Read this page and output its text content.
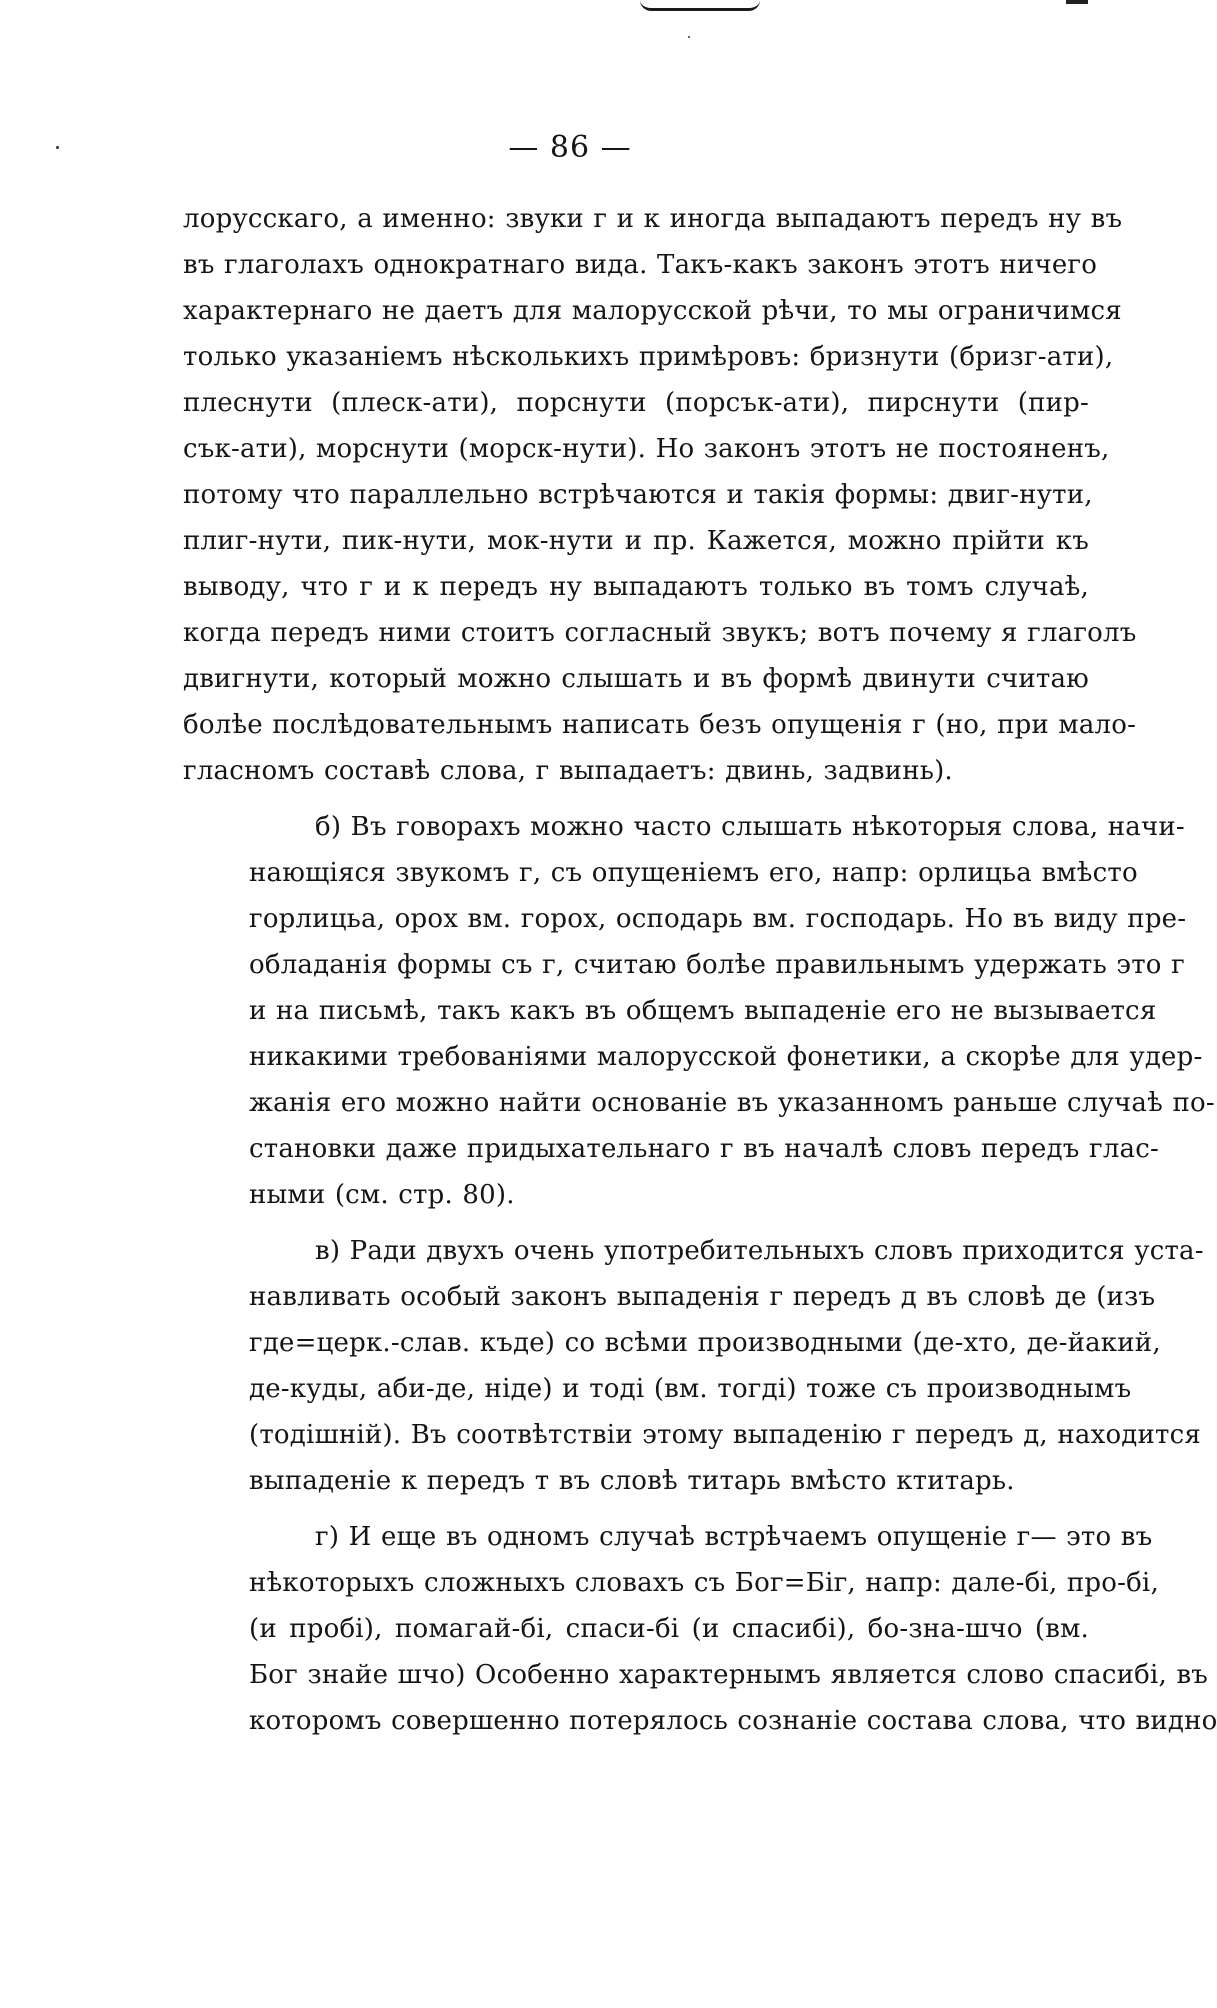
— 86 —
лорусскаго, а именно: звуки г и к иногда выпадаютъ передъ ну въ
въ глаголахъ однократнаго вида. Такъ-какъ законъ этотъ ничего
характернаго не даетъ для малорусской рѣчи, то мы ограничимся
только указаніемъ нѣсколькихъ примѣровъ: бризнути (бризг-ати),
плеснути (плеск-ати), порснути (порсък-ати), пирснути (пир-
сък-ати), морснути (морск-нути). Но законъ этотъ не постояненъ,
потому что параллельно встрѣчаются и такія формы: двиг-нути,
плиг-нути, пик-нути, мок-нути и пр. Кажется, можно прійти къ
выводу, что г и к передъ ну выпадаютъ только въ томъ случаѣ,
когда передъ ними стоитъ согласный звукъ; вотъ почему я глаголъ
двигнути, который можно слышать и въ формѣ двинути считаю
болѣе послѣдовательнымъ написать безъ опущенія г (но, при мало-
гласномъ составѣ слова, г выпадаетъ: двинь, задвинь).
б) Въ говорахъ можно часто слышать нѣкоторыя слова, начи-
нающіяся звукомъ г, съ опущеніемъ его, напр: орлицьа вмѣсто
горлицьа, орох вм. горох, осподарь вм. господарь. Но въ виду пре-
обладанія формы съ г, считаю болѣе правильнымъ удержать это г
и на письмѣ, такъ какъ въ общемъ выпаденіе его не вызывается
никакими требованіями малорусской фонетики, а скорѣе для удер-
жанія его можно найти основаніе въ указанномъ раньше случаѣ по-
становки даже придыхательнаго г въ началѣ словъ передъ глас-
ными (см. стр. 80).
в) Ради двухъ очень употребительныхъ словъ приходится уста-
навливать особый законъ выпаденія г передъ д въ словѣ де (изъ
где=церк.-слав. къде) со всѣми производными (де-хто, де-йакий,
де-куды, аби-де, ніде) и тоді (вм. тогді) тоже съ производнымъ
(тодішній). Въ соотвѣтствіи этому выпаденію г передъ д, находится
выпаденіе к передъ т въ словѣ титарь вмѣсто ктитарь.
г) И еще въ одномъ случаѣ встрѣчаемъ опущеніе г— это въ
нѣкоторыхъ сложныхъ словахъ съ Бог=Біг, напр: дале-бі, про-бі,
(и пробі), помагай-бі, спаси-бі (и спасибі), бо-зна-шчо (вм.
Бог знайе шчо) Особенно характернымъ является слово спасибі, въ
которомъ совершенно потерялось сознаніе состава слова, что видно
